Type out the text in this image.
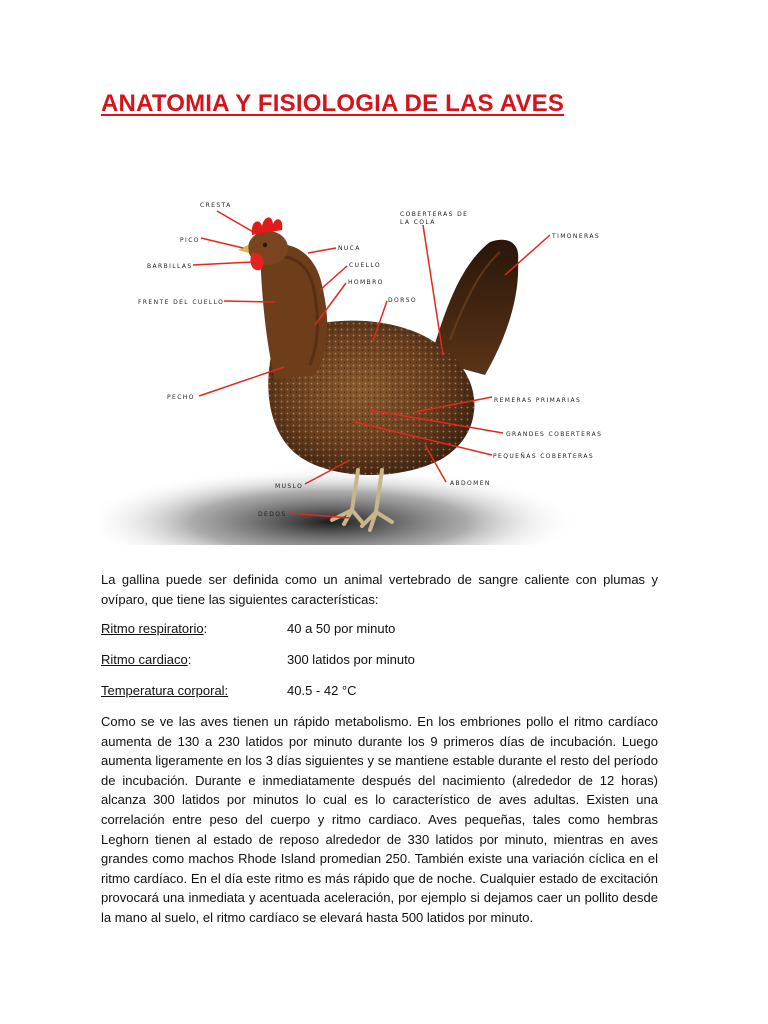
ANATOMIA Y FISIOLOGIA DE LAS AVES
CRESTA
PICO
BARBILLAS
FRENTE DEL CUELLO
PECHO
MUSLO
DEDOS
NUCA
CUELLO
HOMBRO
DORSO
COBERTERAS DE
LA COLA
TIMONERAS
REMERAS PRIMARIAS
GRANDES COBERTERAS
PEQUEÑAS COBERTERAS
ABDOMEN

La gallina puede ser definida como un animal vertebrado de sangre caliente con plumas y ovíparo, que tiene las siguientes características:

Ritmo respiratorio:	40 a 50 por minuto
Ritmo cardiaco:	300 latidos por minuto
Temperatura corporal:	40.5 - 42 °C

Como se ve las aves tienen un rápido metabolismo. En los embriones pollo el ritmo cardíaco aumenta de 130 a 230 latidos por minuto durante los 9 primeros días de incubación. Luego aumenta ligeramente en los 3 días siguientes y se mantiene estable durante el resto del período de incubación. Durante e inmediatamente después del nacimiento (alrededor de 12 horas) alcanza 300 latidos por minutos lo cual es lo característico de aves adultas. Existen una correlación entre peso del cuerpo y ritmo cardiaco. Aves pequeñas, tales como hembras Leghorn tienen al estado de reposo alrededor de 330 latidos por minuto, mientras en aves grandes como machos Rhode Island promedian 250. También existe una variación cíclica en el ritmo cardíaco. En el día este ritmo es más rápido que de noche. Cualquier estado de excitación provocará una inmediata y acentuada aceleración, por ejemplo si dejamos caer un pollito desde la mano al suelo, el ritmo cardíaco se elevará hasta 500 latidos por minuto.
